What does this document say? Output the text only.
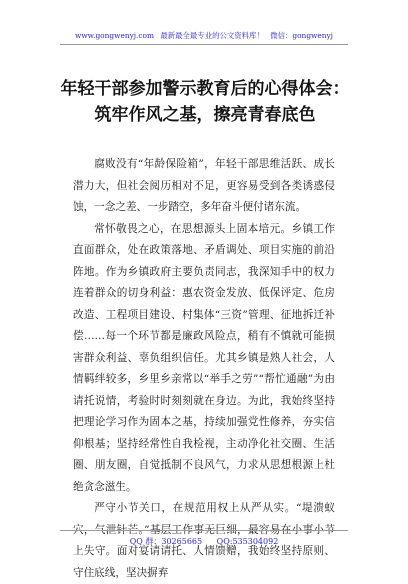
www.gongwenyj.com 最新最全最专业的公文资料库！ 微信：gongwenyj
年轻干部参加警示教育后的心得体会：筑牢作风之基，擦亮青春底色

腐败没有“年龄保险箱”，年轻干部思维活跃、成长潜力大，但社会阅历相对不足，更容易受到各类诱惑侵蚀，一念之差、一步踏空，多年奋斗便付诸东流。

常怀敬畏之心，在思想源头上固本培元。乡镇工作直面群众，处在政策落地、矛盾调处、项目实施的前沿阵地。作为乡镇政府主要负责同志，我深知手中的权力连着群众的切身利益：惠农资金发放、低保评定、危房改造、工程项目建设、村集体“三资”管理、征地拆迁补偿……每一个环节都是廉政风险点，稍有不慎就可能损害群众利益、辜负组织信任。尤其乡镇是熟人社会，人情羁绊较多，乡里乡亲常以“举手之劳”“帮忙通融”为由请托说情，考验时时刻刻就在身边。为此，我始终坚持把理论学习作为固本之基，持续加强党性修养，夯实信仰根基；坚持经常性自我检视，主动净化社交圈、生活圈、朋友圈，自觉抵制不良风气，力求从思想根源上杜绝贪念滋生。

严守小节关口，在规范用权上从严从实。“堤溃蚁穴，气泄针芒。”基层工作事无巨细，最容易在小事小节上失守。面对宴请请托、人情馈赠，我始终坚持原则、守住底线，坚决摒弃

QQ 群：30265665 QQ:535304092
